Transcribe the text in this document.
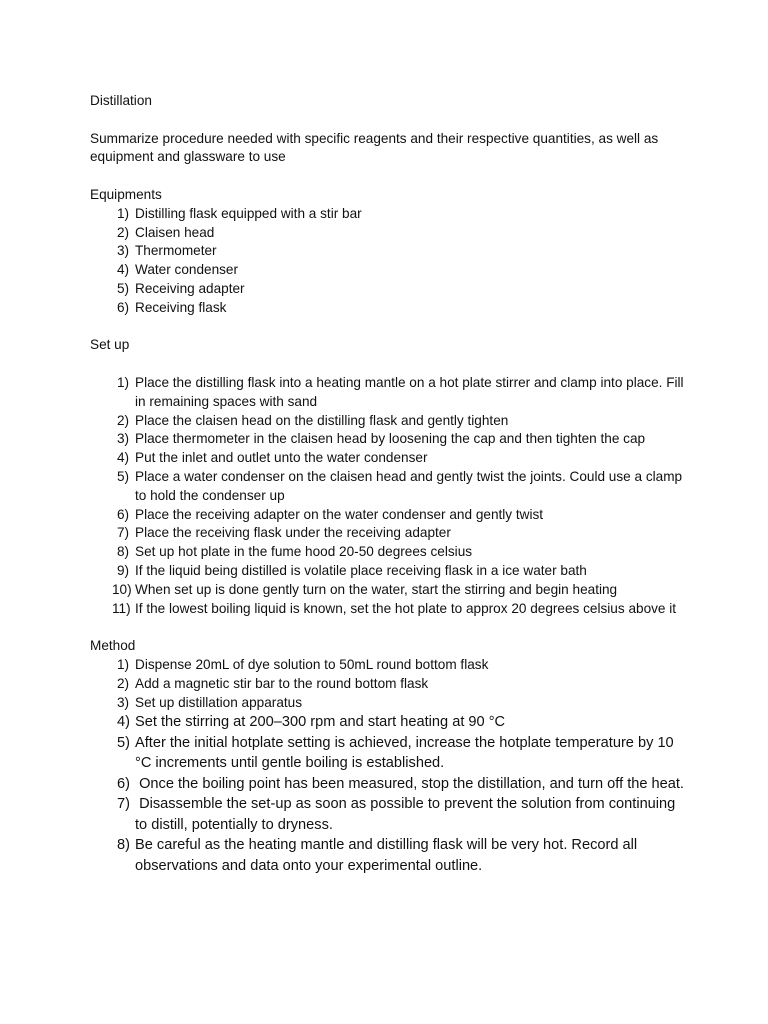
Distillation

Summarize procedure needed with specific reagents and their respective quantities, as well as equipment and glassware to use

Equipments

1) Distilling flask equipped with a stir bar
2) Claisen head
3) Thermometer
4) Water condenser
5) Receiving adapter
6) Receiving flask

Set up

1) Place the distilling flask into a heating mantle on a hot plate stirrer and clamp into place. Fill in remaining spaces with sand
2) Place the claisen head on the distilling flask and gently tighten
3) Place thermometer in the claisen head by loosening the cap and then tighten the cap
4) Put the inlet and outlet unto the water condenser
5) Place a water condenser on the claisen head and gently twist the joints. Could use a clamp to hold the condenser up
6) Place the receiving adapter on the water condenser and gently twist
7) Place the receiving flask under the receiving adapter
8) Set up hot plate in the fume hood 20-50 degrees celsius
9) If the liquid being distilled is volatile place receiving flask in a ice water bath
10) When set up is done gently turn on the water, start the stirring and begin heating
11) If the lowest boiling liquid is known, set the hot plate to approx 20 degrees celsius above it

Method

1) Dispense 20mL of dye solution to 50mL round bottom flask
2) Add a magnetic stir bar to the round bottom flask
3) Set up distillation apparatus
4) Set the stirring at 200–300 rpm and start heating at 90 °C
5) After the initial hotplate setting is achieved, increase the hotplate temperature by 10 °C increments until gentle boiling is established.
6) Once the boiling point has been measured, stop the distillation, and turn off the heat.
7) Disassemble the set-up as soon as possible to prevent the solution from continuing to distill, potentially to dryness.
8) Be careful as the heating mantle and distilling flask will be very hot. Record all observations and data onto your experimental outline.
